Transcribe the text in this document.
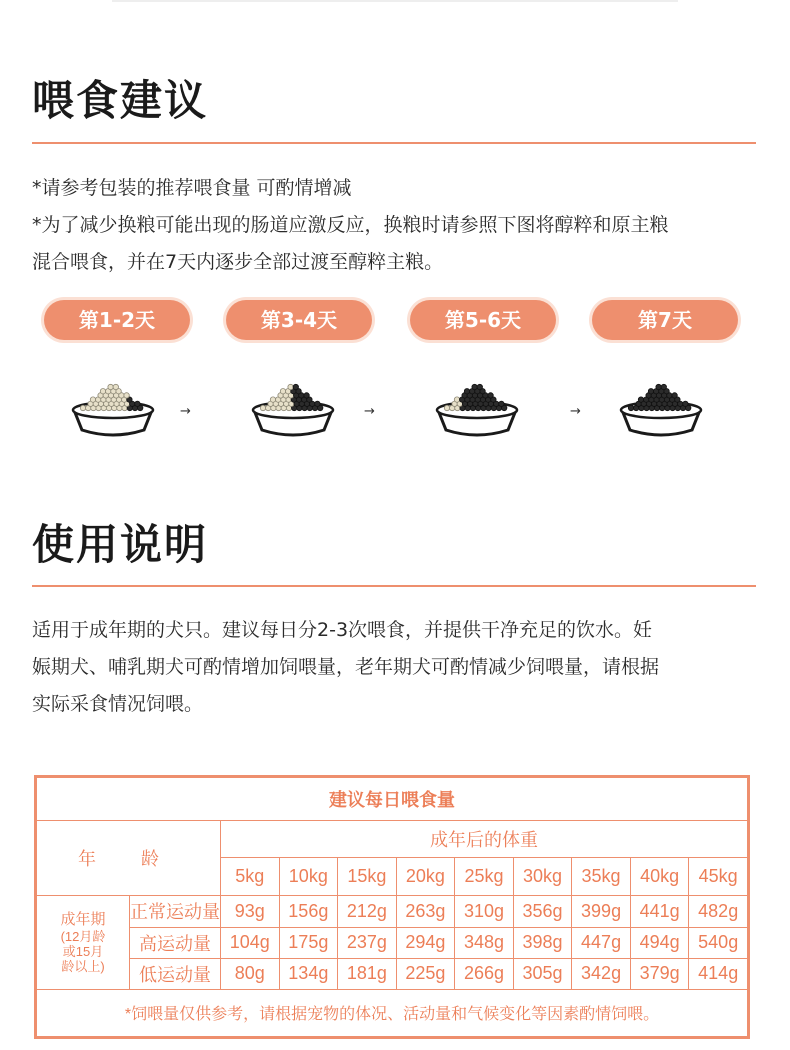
喂食建议

*请参考包装的推荐喂食量 可酌情增减

*为了减少换粮可能出现的肠道应激反应，换粮时请参照下图将醇粹和原主粮

混合喂食，并在7天内逐步全部过渡至醇粹主粮。

第1-2天	第3-4天	第5-6天	第7天
→	→	→
使用说明

适用于成年期的犬只。建议每日分2-3次喂食，并提供干净充足的饮水。妊

娠期犬、哺乳期犬可酌情增加饲喂量，老年期犬可酌情减少饲喂量，请根据

实际采食情况饲喂。

建议每日喂食量										
年 龄		成年后的体重								
		5kg	10kg	15kg	20kg	25kg	30kg	35kg	40kg	45kg

成年期
(12月龄
或15月
龄以上)	正常运动量	93g	156g	212g	263g	310g	356g	399g	441g	482g
	高运动量	104g	175g	237g	294g	348g	398g	447g	494g	540g
	低运动量	80g	134g	181g	225g	266g	305g	342g	379g	414g
*饲喂量仅供参考，请根据宠物的体况、活动量和气候变化等因素酌情饲喂。										
